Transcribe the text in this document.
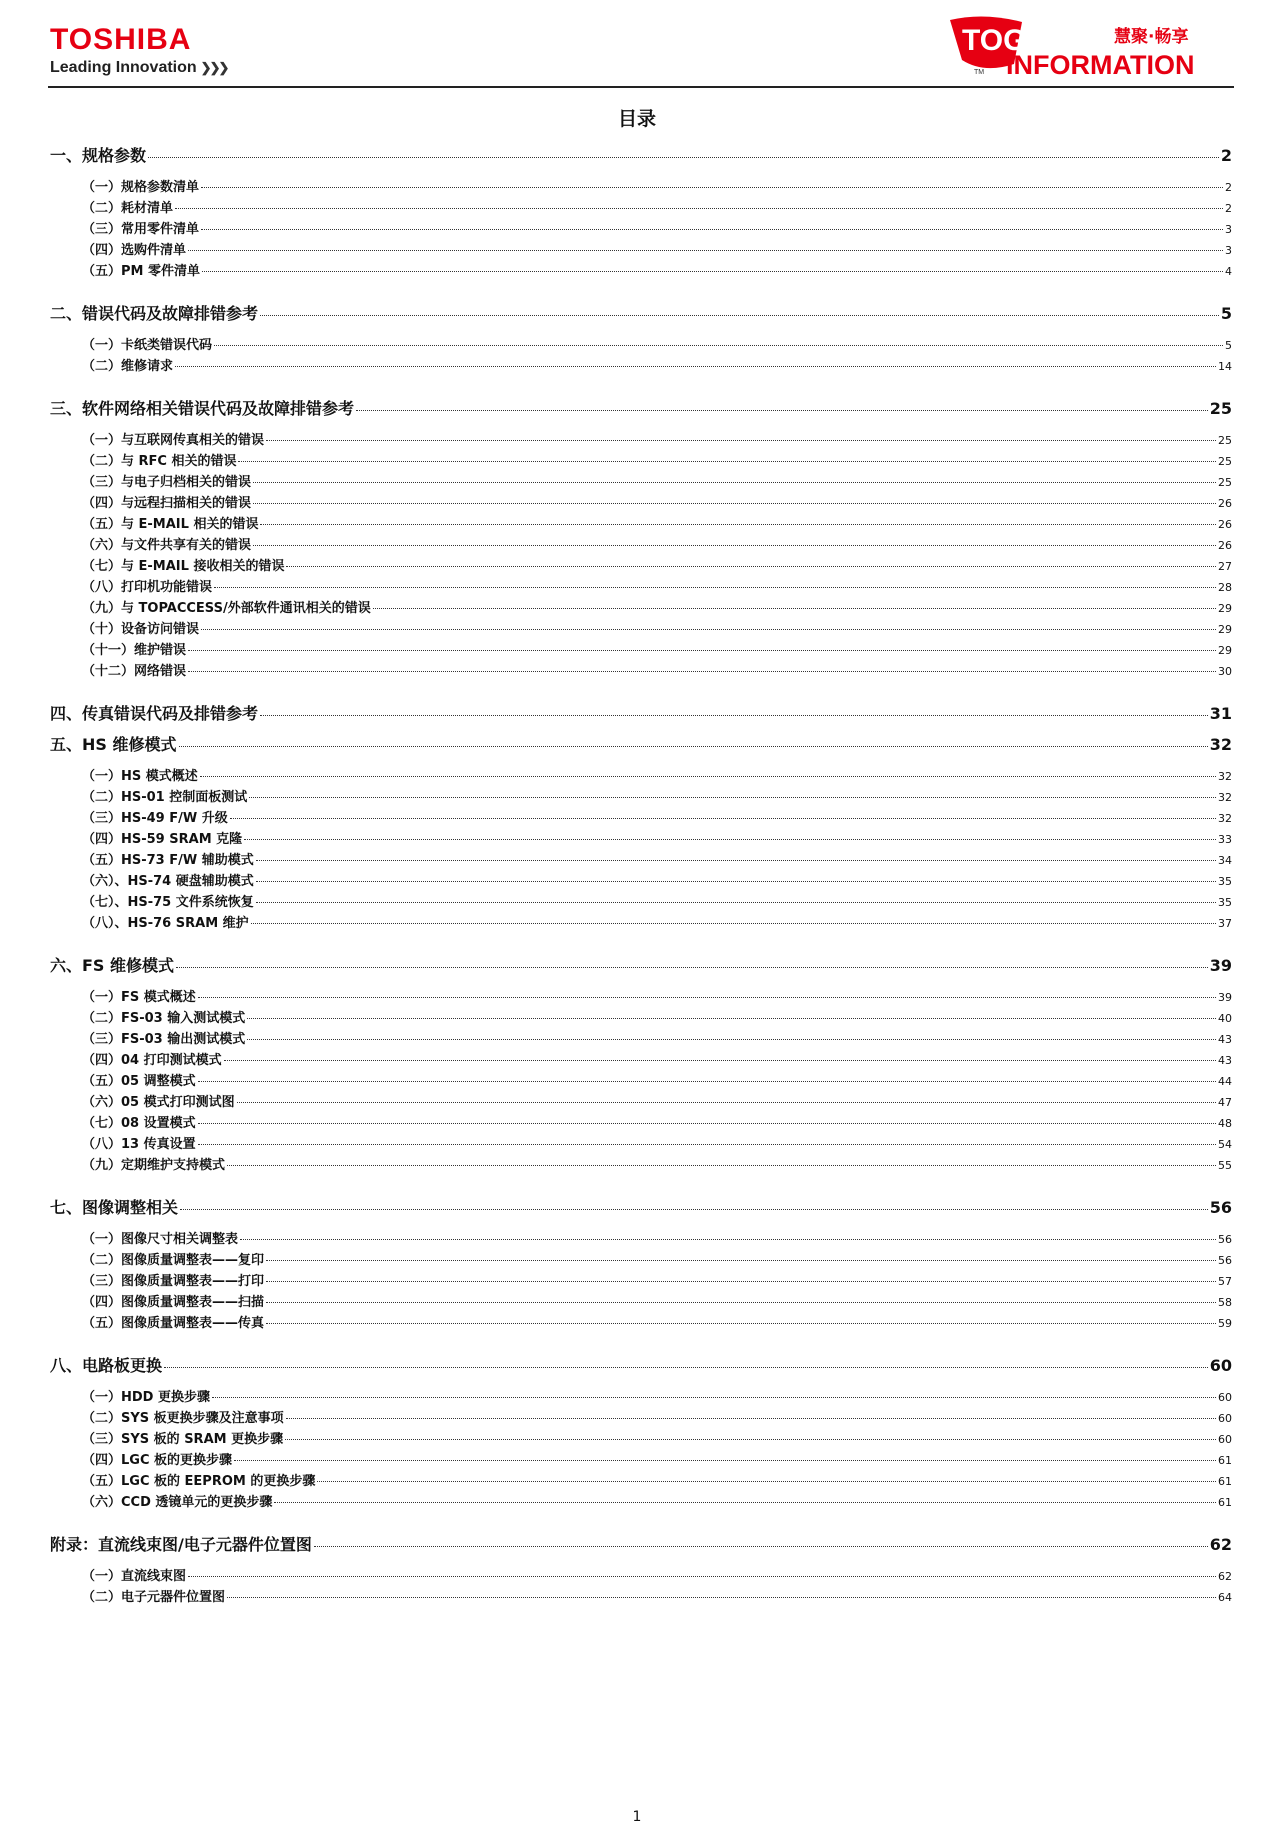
TOSHIBA
Leading Innovation ❯❯❯
TOGETHER
慧聚·畅享
INFORMATION
TM
目录
一、规格参数	2
（一）规格参数清单	2
（二）耗材清单	2
（三）常用零件清单	3
（四）选购件清单	3
（五）PM 零件清单	4
二、错误代码及故障排错参考	5
（一）卡纸类错误代码	5
（二）维修请求	14
三、软件网络相关错误代码及故障排错参考	25
（一）与互联网传真相关的错误	25
（二）与 RFC 相关的错误	25
（三）与电子归档相关的错误	25
（四）与远程扫描相关的错误	26
（五）与 E-MAIL 相关的错误	26
（六）与文件共享有关的错误	26
（七）与 E-MAIL 接收相关的错误	27
（八）打印机功能错误	28
（九）与 TOPACCESS/外部软件通讯相关的错误	29
（十）设备访问错误	29
（十一）维护错误	29
（十二）网络错误	30
四、传真错误代码及排错参考	31
五、HS 维修模式	32
（一）HS 模式概述	32
（二）HS-01 控制面板测试	32
（三）HS-49 F/W 升级	32
（四）HS-59 SRAM 克隆	33
（五）HS-73 F/W 辅助模式	34
（六）、HS-74 硬盘辅助模式	35
（七）、HS-75 文件系统恢复	35
（八）、HS-76 SRAM 维护	37
六、FS 维修模式	39
（一）FS 模式概述	39
（二）FS-03 输入测试模式	40
（三）FS-03 输出测试模式	43
（四）04 打印测试模式	43
（五）05 调整模式	44
（六）05 模式打印测试图	47
（七）08 设置模式	48
（八）13 传真设置	54
（九）定期维护支持模式	55
七、图像调整相关	56
（一）图像尺寸相关调整表	56
（二）图像质量调整表——复印	56
（三）图像质量调整表——打印	57
（四）图像质量调整表——扫描	58
（五）图像质量调整表——传真	59
八、电路板更换	60
（一）HDD 更换步骤	60
（二）SYS 板更换步骤及注意事项	60
（三）SYS 板的 SRAM 更换步骤	60
（四）LGC 板的更换步骤	61
（五）LGC 板的 EEPROM 的更换步骤	61
（六）CCD 透镜单元的更换步骤	61
附录：直流线束图/电子元器件位置图	62
（一）直流线束图	62
（二）电子元器件位置图	64
1
